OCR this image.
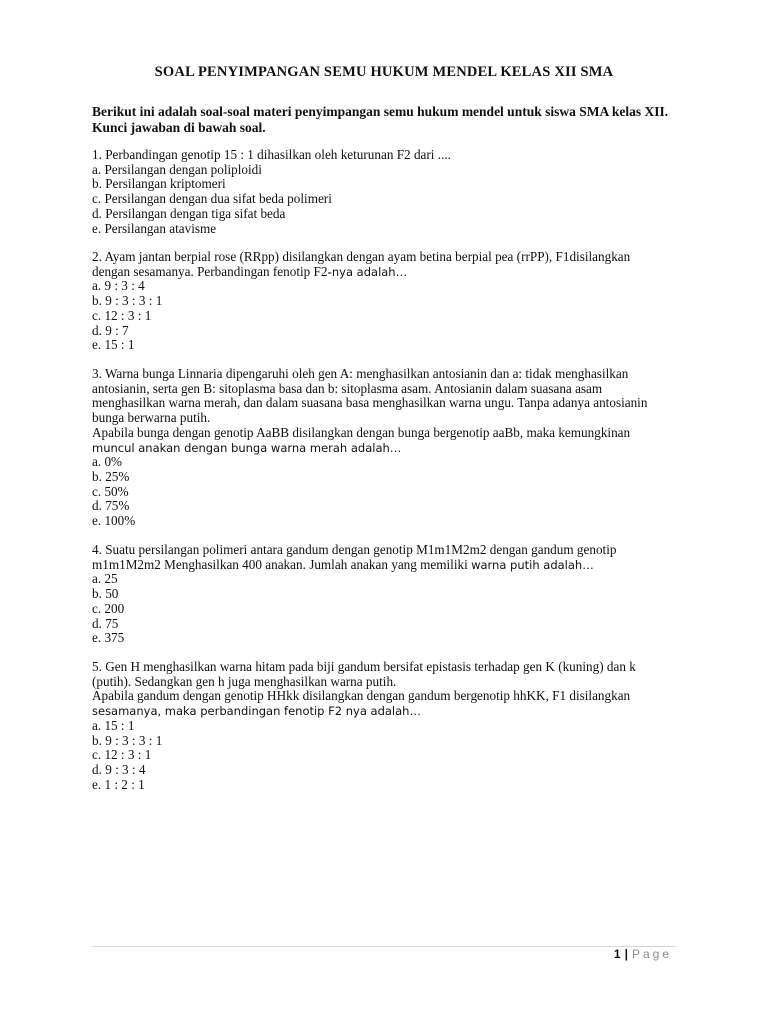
SOAL PENYIMPANGAN SEMU HUKUM MENDEL KELAS XII SMA
Berikut ini adalah soal-soal materi penyimpangan semu hukum mendel untuk siswa SMA kelas XII.
Kunci jawaban di bawah soal.
1. Perbandingan genotip 15 : 1 dihasilkan oleh keturunan F2 dari ....
a. Persilangan dengan poliploidi
b. Persilangan kriptomeri
c. Persilangan dengan dua sifat beda polimeri
d. Persilangan dengan tiga sifat beda
e. Persilangan atavisme
2. Ayam jantan berpial rose (RRpp) disilangkan dengan ayam betina berpial pea (rrPP), F1disilangkan
dengan sesamanya. Perbandingan fenotip F2-nya adalah…
a. 9 : 3 : 4
b. 9 : 3 : 3 : 1
c. 12 : 3 : 1
d. 9 : 7
e. 15 : 1
3. Warna bunga Linnaria dipengaruhi oleh gen A: menghasilkan antosianin dan a: tidak menghasilkan
antosianin, serta gen B: sitoplasma basa dan b: sitoplasma asam. Antosianin dalam suasana asam
menghasilkan warna merah, dan dalam suasana basa menghasilkan warna ungu. Tanpa adanya antosianin
bunga berwarna putih.
Apabila bunga dengan genotip AaBB disilangkan dengan bunga bergenotip aaBb, maka kemungkinan
muncul anakan dengan bunga warna merah adalah…
a. 0%
b. 25%
c. 50%
d. 75%
e. 100%
4. Suatu persilangan polimeri antara gandum dengan genotip M1m1M2m2 dengan gandum genotip
m1m1M2m2 Menghasilkan 400 anakan. Jumlah anakan yang memiliki warna putih adalah…
a. 25
b. 50
c. 200
d. 75
e. 375
5. Gen H menghasilkan warna hitam pada biji gandum bersifat epistasis terhadap gen K (kuning) dan k
(putih). Sedangkan gen h juga menghasilkan warna putih.
Apabila gandum dengan genotip HHkk disilangkan dengan gandum bergenotip hhKK, F1 disilangkan
sesamanya, maka perbandingan fenotip F2 nya adalah…
a. 15 : 1
b. 9 : 3 : 3 : 1
c. 12 : 3 : 1
d. 9 : 3 : 4
e. 1 : 2 : 1
1 | Page
